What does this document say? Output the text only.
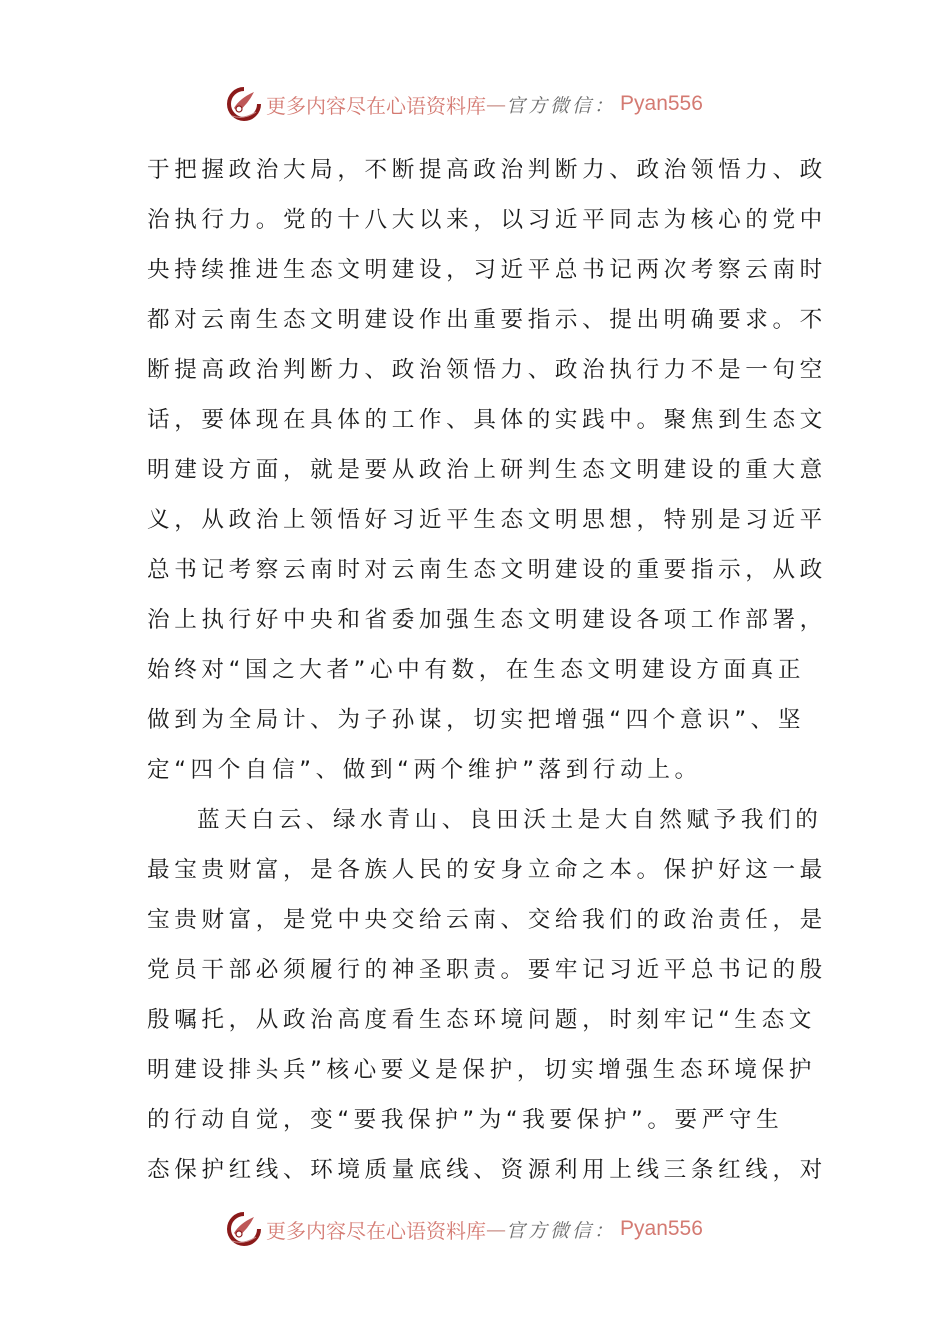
更多内容尽在心语资料库 — 官方微信： Pyan556
于把握政治大局，不断提高政治判断力、政治领悟力、政
治执行力。党的十八大以来，以习近平同志为核心的党中
央持续推进生态文明建设，习近平总书记两次考察云南时
都对云南生态文明建设作出重要指示、提出明确要求。不
断提高政治判断力、政治领悟力、政治执行力不是一句空
话，要体现在具体的工作、具体的实践中。聚焦到生态文
明建设方面，就是要从政治上研判生态文明建设的重大意
义，从政治上领悟好习近平生态文明思想，特别是习近平
总书记考察云南时对云南生态文明建设的重要指示，从政
治上执行好中央和省委加强生态文明建设各项工作部署，
始终对“国之大者”心中有数，在生态文明建设方面真正
做到为全局计、为子孙谋，切实把增强“四个意识”、坚
定“四个自信”、做到“两个维护”落到行动上。
蓝天白云、绿水青山、良田沃土是大自然赋予我们的
最宝贵财富，是各族人民的安身立命之本。保护好这一最
宝贵财富，是党中央交给云南、交给我们的政治责任，是
党员干部必须履行的神圣职责。要牢记习近平总书记的殷
殷嘱托，从政治高度看生态环境问题，时刻牢记“生态文
明建设排头兵”核心要义是保护，切实增强生态环境保护
的行动自觉，变“要我保护”为“我要保护”。要严守生
态保护红线、环境质量底线、资源利用上线三条红线，对
更多内容尽在心语资料库 — 官方微信： Pyan556
